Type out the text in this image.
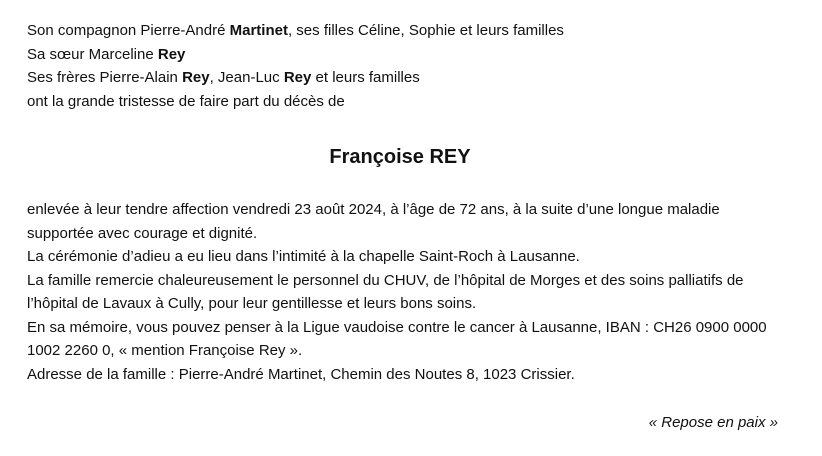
Son compagnon Pierre-André Martinet, ses filles Céline, Sophie et leurs familles
Sa sœur Marceline Rey
Ses frères Pierre-Alain Rey, Jean-Luc Rey et leurs familles
ont la grande tristesse de faire part du décès de
Françoise REY
enlevée à leur tendre affection vendredi 23 août 2024, à l’âge de 72 ans, à la suite d’une longue maladie
supportée avec courage et dignité.
La cérémonie d’adieu a eu lieu dans l’intimité à la chapelle Saint-Roch à Lausanne.
La famille remercie chaleureusement le personnel du CHUV, de l’hôpital de Morges et des soins palliatifs de
l’hôpital de Lavaux à Cully, pour leur gentillesse et leurs bons soins.
En sa mémoire, vous pouvez penser à la Ligue vaudoise contre le cancer à Lausanne, IBAN : CH26 0900 0000
1002 2260 0, « mention Françoise Rey ».
Adresse de la famille : Pierre-André Martinet, Chemin des Noutes 8, 1023 Crissier.
« Repose en paix »
